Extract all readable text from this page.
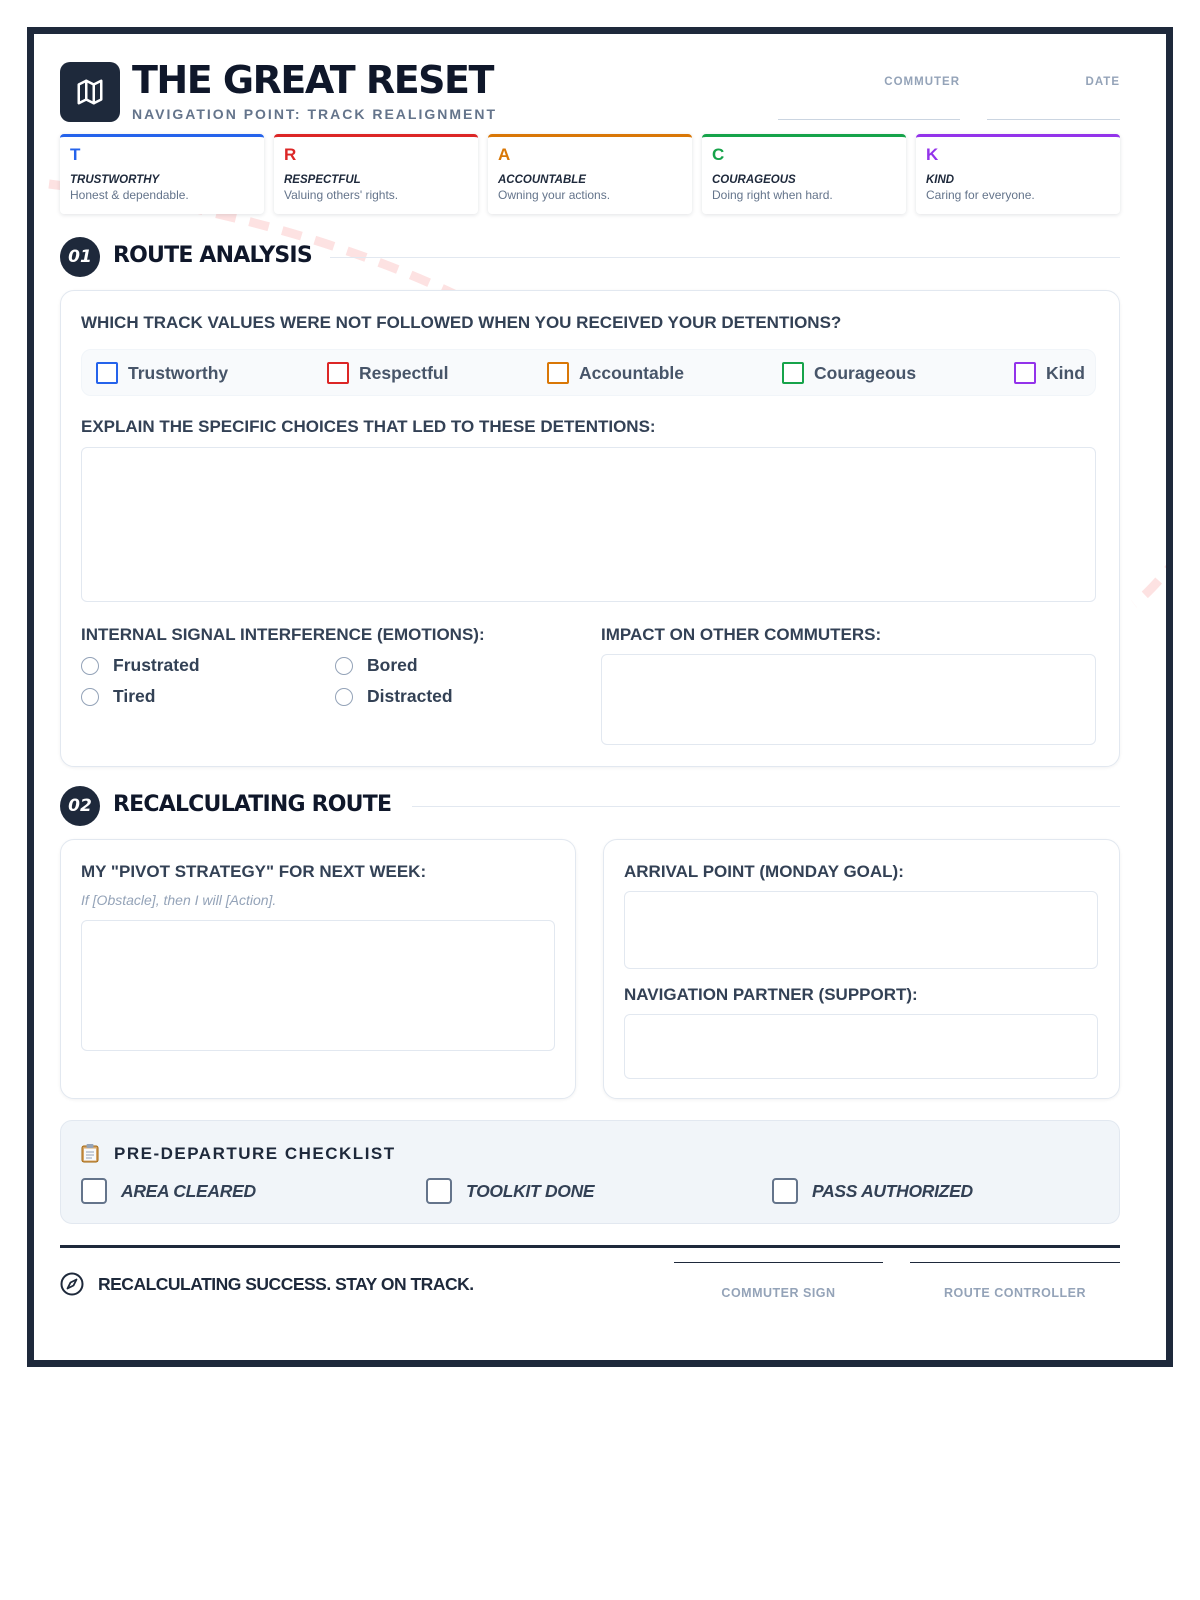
THE GREAT RESET
NAVIGATION POINT: TRACK REALIGNMENT
COMMUTER	DATE
T
TRUSTWORTHY
Honest & dependable.
R
RESPECTFUL
Valuing others' rights.
A
ACCOUNTABLE
Owning your actions.
C
COURAGEOUS
Doing right when hard.
K
KIND
Caring for everyone.
01 ROUTE ANALYSIS
WHICH TRACK VALUES WERE NOT FOLLOWED WHEN YOU RECEIVED YOUR DETENTIONS?
Trustworthy	Respectful	Accountable	Courageous	Kind
EXPLAIN THE SPECIFIC CHOICES THAT LED TO THESE DETENTIONS:
INTERNAL SIGNAL INTERFERENCE (EMOTIONS):
Frustrated	Bored
Tired	Distracted
IMPACT ON OTHER COMMUTERS:
02 RECALCULATING ROUTE
MY "PIVOT STRATEGY" FOR NEXT WEEK:
If [Obstacle], then I will [Action].
ARRIVAL POINT (MONDAY GOAL):
NAVIGATION PARTNER (SUPPORT):
PRE-DEPARTURE CHECKLIST
AREA CLEARED	TOOLKIT DONE	PASS AUTHORIZED
RECALCULATING SUCCESS. STAY ON TRACK.	COMMUTER SIGN	ROUTE CONTROLLER
